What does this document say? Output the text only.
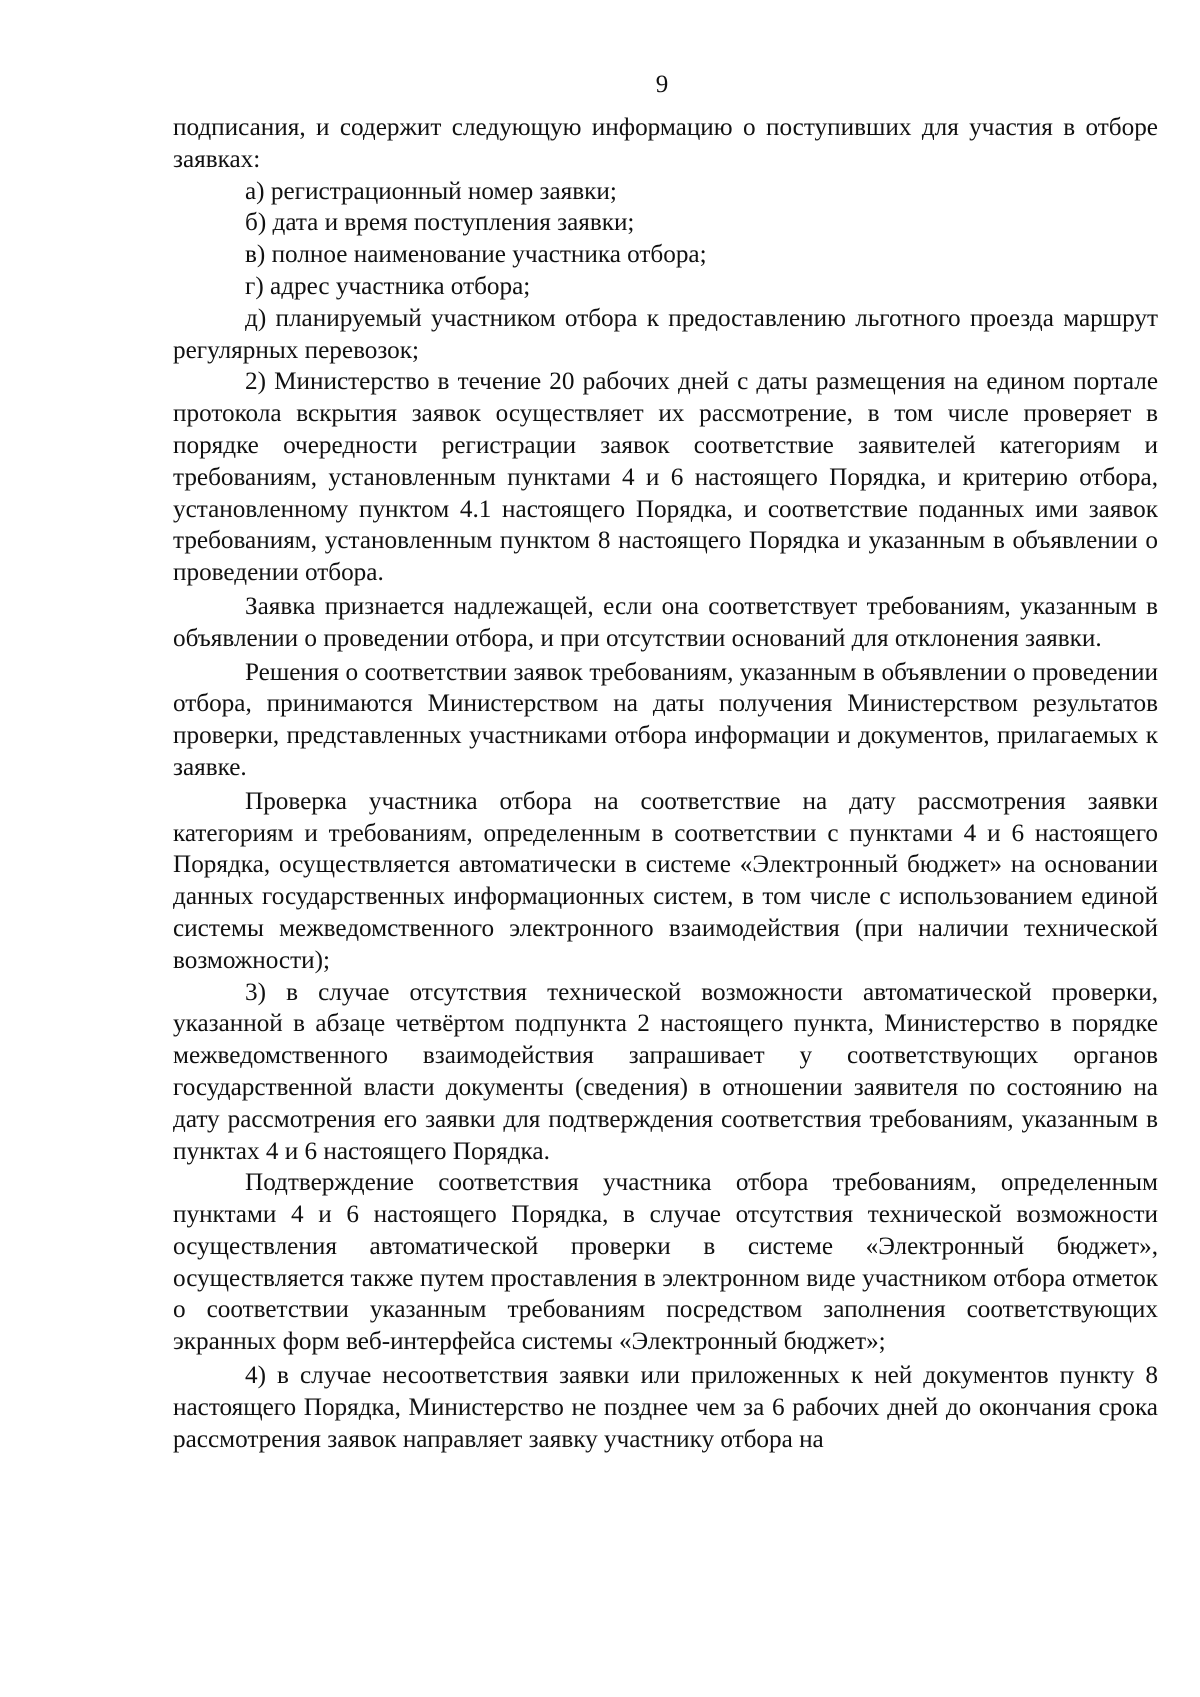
9

подписания, и содержит следующую информацию о поступивших для участия в отборе заявках:

а) регистрационный номер заявки;

б) дата и время поступления заявки;

в) полное наименование участника отбора;

г) адрес участника отбора;

д) планируемый участником отбора к предоставлению льготного проезда маршрут регулярных перевозок;

2) Министерство в течение 20 рабочих дней с даты размещения на едином портале протокола вскрытия заявок осуществляет их рассмотрение, в том числе проверяет в порядке очередности регистрации заявок соответствие заявителей категориям и требованиям, установленным пунктами 4 и 6 настоящего Порядка, и критерию отбора, установленному пунктом 4.1 настоящего Порядка, и соответствие поданных ими заявок требованиям, установленным пунктом 8 настоящего Порядка и указанным в объявлении о проведении отбора.

Заявка признается надлежащей, если она соответствует требованиям, указанным в объявлении о проведении отбора, и при отсутствии оснований для отклонения заявки.

Решения о соответствии заявок требованиям, указанным в объявлении о проведении отбора, принимаются Министерством на даты получения Министерством результатов проверки, представленных участниками отбора информации и документов, прилагаемых к заявке.

Проверка участника отбора на соответствие на дату рассмотрения заявки категориям и требованиям, определенным в соответствии с пунктами 4 и 6 настоящего Порядка, осуществляется автоматически в системе «Электронный бюджет» на основании данных государственных информационных систем, в том числе с использованием единой системы межведомственного электронного взаимодействия (при наличии технической возможности);

3) в случае отсутствия технической возможности автоматической проверки, указанной в абзаце четвёртом подпункта 2 настоящего пункта, Министерство в порядке межведомственного взаимодействия запрашивает у соответствующих органов государственной власти документы (сведения) в отношении заявителя по состоянию на дату рассмотрения его заявки для подтверждения соответствия требованиям, указанным в пунктах 4 и 6 настоящего Порядка.

Подтверждение соответствия участника отбора требованиям, определенным пунктами 4 и 6 настоящего Порядка, в случае отсутствия технической возможности осуществления автоматической проверки в системе «Электронный бюджет», осуществляется также путем проставления в электронном виде участником отбора отметок о соответствии указанным требованиям посредством заполнения соответствующих экранных форм веб-интерфейса системы «Электронный бюджет»;

4) в случае несоответствия заявки или приложенных к ней документов пункту 8 настоящего Порядка, Министерство не позднее чем за 6 рабочих дней до окончания срока рассмотрения заявок направляет заявку участнику отбора на
